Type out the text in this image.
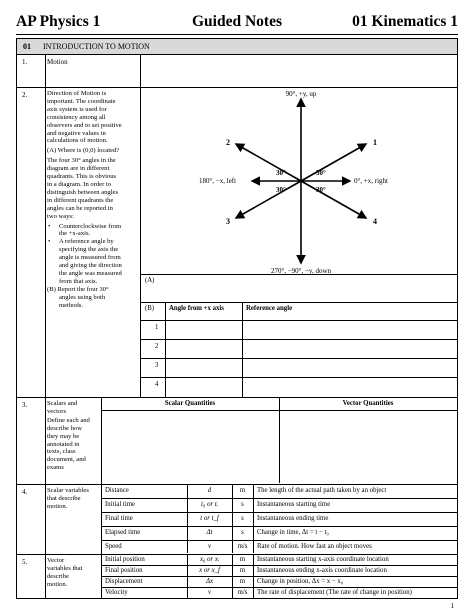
AP Physics 1	Guided Notes	01 Kinematics 1
01 INTRODUCTION TO MOTION
1.	Motion
2.	Direction of Motion is
important. The coordinate
axis system is used for
consistency among all
observers and to set positive
and negative values in
calculations of motion.
(A) Where is (0,0) located?
The four 30° angles in the
diagram are in different
quadrants. This is obvious
in a diagram. In order to
distinguish between angles
in different quadrants the
angles can be reported in
two ways:
• Counterclockwise from
the +x-axis.
• A reference angle by
specifying the axis the
angle is measured from
and giving the direction
the angle was measured
from that axis.
(B) Report the four 30°
angles using both
methods.
90°, +y, up
180°, −x, left	0°, +x, right
270°, −90°, −y, down
30°	30°
30°	30°
1
2
3	4
(A)
(B) Angle from +x axis	Reference angle
1
2
3
4
3.	Scalars and
vectors
Define each and
describe how
they may be
annotated in
texts, class
document, and
exams
Scalar Quantities	Vector Quantities
4.	Scalar variables
that describe
motion.
Distance	d	m	The length of the actual path taken by an object
Initial time	t₀ or tᵢ	s	Instantaneous starting time
Final time	t or t_f	s	Instantaneous ending time
Elapsed time	Δt	s	Change in time, Δt = t − t₀
Speed	v	m/s	Rate of motion. How fast an object moves
5.	Vector
variables that
describe
motion.
Initial position	x₀ or xᵢ	m	Instantaneous starting x-axis coordinate location
Final position	x or x_f	m	Instantaneous ending x-axis coordinate location
Displacement	Δx	m	Change in position, Δx = x − x₀
Velocity	v	m/s	The rate of displacement (The rate of change in position)
1
